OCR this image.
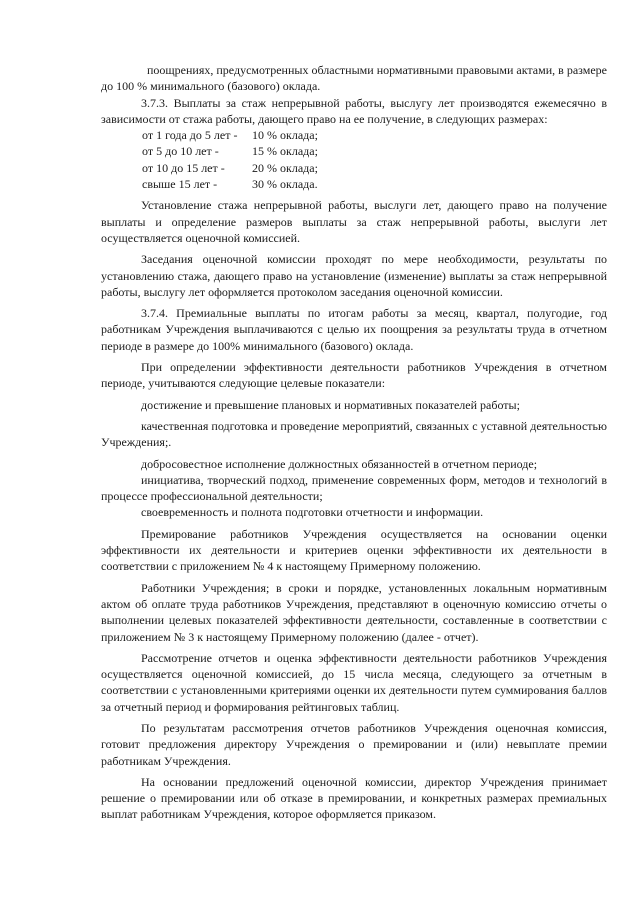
поощрениях, предусмотренных областными нормативными правовыми актами, в размере до 100 % минимального (базового) оклада.

3.7.3. Выплаты за стаж непрерывной работы, выслугу лет производятся ежемесячно в зависимости от стажа работы, дающего право на ее получение, в следующих размерах:

от 1 года до 5 лет -	10 % оклада;
от 5 до 10 лет -	15 % оклада;
от 10 до 15 лет -	20 % оклада;
свыше 15 лет -	30 % оклада.

Установление стажа непрерывной работы, выслуги лет, дающего право на получение выплаты и определение размеров выплаты за стаж непрерывной работы, выслуги лет осуществляется оценочной комиссией.

Заседания оценочной комиссии проходят по мере необходимости, результаты по установлению стажа, дающего право на установление (изменение) выплаты за стаж непрерывной работы, выслугу лет оформляется протоколом заседания оценочной комиссии.

3.7.4. Премиальные выплаты по итогам работы за месяц, квартал, полугодие, год работникам Учреждения выплачиваются с целью их поощрения за результаты труда в отчетном периоде в размере до 100% минимального (базового) оклада.

При определении эффективности деятельности работников Учреждения в отчетном периоде, учитываются следующие целевые показатели:

достижение и превышение плановых и нормативных показателей работы;

качественная подготовка и проведение мероприятий, связанных с уставной деятельностью Учреждения;.

добросовестное исполнение должностных обязанностей в отчетном периоде;

инициатива, творческий подход, применение современных форм, методов и технологий в процессе профессиональной деятельности;

своевременность и полнота подготовки отчетности и информации.

Премирование работников Учреждения осуществляется на основании оценки эффективности их деятельности и критериев оценки эффективности их деятельности в соответствии с приложением № 4 к настоящему Примерному положению.

Работники Учреждения; в сроки и порядке, установленных локальным нормативным актом об оплате труда работников Учреждения, представляют в оценочную комиссию отчеты о выполнении целевых показателей эффективности деятельности, составленные в соответствии с приложением № 3 к настоящему Примерному положению (далее - отчет).

Рассмотрение отчетов и оценка эффективности деятельности работников Учреждения осуществляется оценочной комиссией, до 15 числа месяца, следующего за отчетным в соответствии с установленными критериями оценки их деятельности путем суммирования баллов за отчетный период и формирования рейтинговых таблиц.

По результатам рассмотрения отчетов работников Учреждения оценочная комиссия, готовит предложения директору Учреждения о премировании и (или) невыплате премии работникам Учреждения.

На основании предложений оценочной комиссии, директор Учреждения принимает решение о премировании или об отказе в премировании, и конкретных размерах премиальных выплат работникам Учреждения, которое оформляется приказом.
